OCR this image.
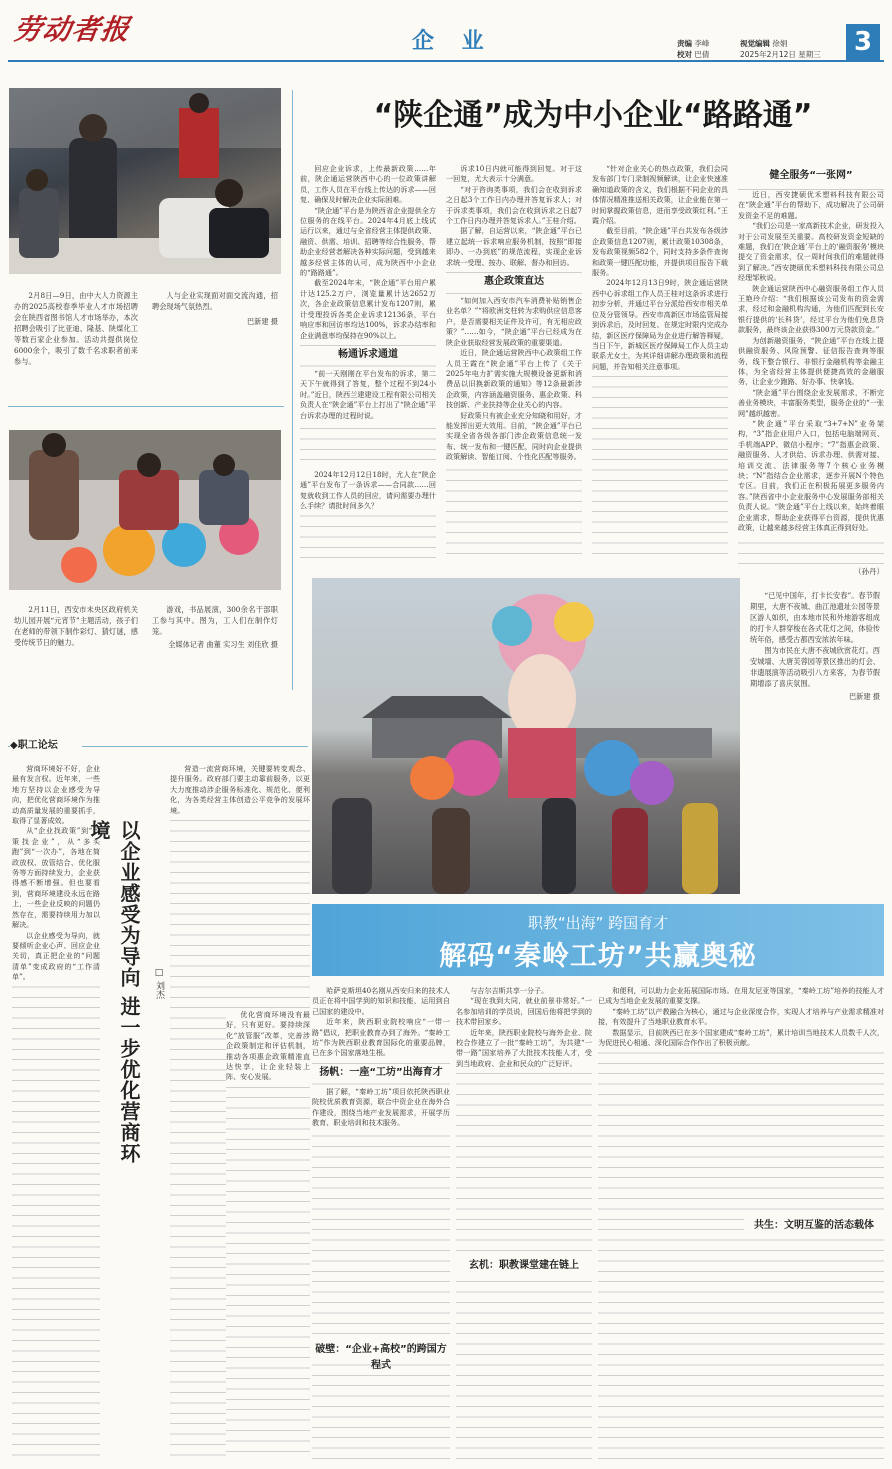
劳动者报	企 业	责编 李峰
校对 巴倩
视觉编辑 徐娟
2025年2月12日 星期三	3

2月8日—9日，由中大人力资源主办的2025高校春季毕业人才市场招聘会在陕西省图书馆人才市场举办，本次招聘会吸引了比亚迪、隆基、陕煤化工等数百家企业参加。活动共提供岗位6000余个，吸引了数千名求职者前来参与。

人与企业实现面对面交流沟通，招聘会现场气氛热烈。

巴新建 摄

2月11日，西安市未央区政府机关幼儿园开展“元宵节”主题活动，孩子们在老师的带领下制作彩灯、猜灯谜，感受传统节日的魅力。

游戏，书品展演，300余名干部职工参与其中。图为，工人们在制作灯笼。

全媒体记者 曲董 实习生 刘佳欣 摄
◆职工论坛

营商环境好不好，企业最有发言权。近年来，一些地方坚持以企业感受为导向，把优化营商环境作为推动高质量发展的重要抓手，取得了显著成效。

从“企业找政策”到“政策找企业”，从“多头跑”到“一次办”，各地在简政放权、放管结合、优化服务等方面持续发力，企业获得感不断增强。但也要看到，营商环境建设永远在路上，一些企业反映的问题仍然存在，需要持续用力加以解决。

以企业感受为导向，就要倾听企业心声、回应企业关切，真正把企业的“问题清单”变成政府的“工作清单”。	以企业感受为导向 进一步优化营商环境
□ 刘杰

营造一流营商环境，关键要转变观念、提升服务。政府部门要主动靠前服务，以更大力度推动涉企服务标准化、规范化、便利化，为各类经营主体创造公平竞争的发展环境。

优化营商环境没有最好，只有更好。要持续深化“放管服”改革，完善涉企政策制定和评估机制，推动各项惠企政策精准直达快享，让企业轻装上阵、安心发展。

“陕企通”成为中小企业“路路通”

回应企业诉求，上传最新政策……年前，陕企通运营陕西中心的一位政策讲解员，工作人员在平台线上传达的诉求——回复、确保及时解决企业实际困难。

“陕企通”平台是为陕西省企业提供全方位服务的在线平台。2024年4月底上线试运行以来，通过与全省经营主体提供政策、融资、供需、培训、招聘等综合性服务，帮助企业经营者解决各种实际问题，受到越来越多经营主体的认可，成为陕西中小企业的“路路通”。

截至2024年末，“陕企通”平台用户累计达125.2万户，浏览量累计达2652万次，各企业政策信息累计发布1207则，累计受理投诉各类企业诉求12136条，平台响应率和回访率均达100%，诉求办结率和企业满意率均保持在90%以上。

畅通诉求通道

“前一天刚刚在平台发布的诉求，第二天下午就得到了答复，整个过程不到24小时。”近日，陕西兰建建设工程有限公司相关负责人在“陕企通”平台上打出了“陕企通”平台诉求办理的过程时说。

2024年12月12日18时，尤人在“陕企通”平台发布了一条诉求——合同款……回复就收到工作人员的回应，请问需要办理什么手续？请批时间多久？

诉求10日内就可能得到回复。对于这一回复，尤大表示十分满意。

“对于咨询类事项，我们会在收到诉求之日起3个工作日内办理并答复诉求人；对于诉求类事项，我们会在收到诉求之日起7个工作日内办理并答复诉求人。”王桂介绍。

据了解，自运营以来，“陕企通”平台已建立起统一诉求响应服务机制，按照“即接即办、一办到底”的规范流程，实现企业诉求统一受理、按办、联解、督办和回访。

惠企政策直达

“如何加入西安市汽车消费补贴销售企业名单？”“将欧洲支柱转为求购供应信息客户，是否需要相关证件及许可，有无相应政策？”……如今，“陕企通”平台已经成为在陕企业获取经营发展政策的重要渠道。

近日，陕企通运营陕西中心政策组工作人员王霞在“陕企通”平台上传了《关于2025年电力扩需实施大规模设备更新和消费品以旧换新政策的通知》等12条最新涉企政策，内容涵盖融资服务、惠企政策、科技创新、产业扶持等企业关心的内容。

好政策只有被企业充分知晓和用好，才能发挥出更大效用。目前，“陕企通”平台已实现全省各级各部门涉企政策信息统一发布、统一发布和一键匹配，同时向企业提供政策解读、智能订阅、个性化匹配等服务。

“针对企业关心的热点政策，我们会同发布部门专门录制视频解读，让企业快速准确知道政策的含义，我们根据不同企业的具体情况精准推送相关政策，让企业能在第一时间掌握政策信息，进而享受政策红利。”王霞介绍。

截至目前，“陕企通”平台共发布各级涉企政策信息1207则，累计政策10308条，发布政策视频582个，同时支持多条件查询和政策一键匹配功能，并提供项目报告下载服务。

2024年12月13日9时，陕企通运营陕西中心诉求组工作人员王桂对这条诉求进行初步分析，并通过平台分派给西安市相关单位及分管领导。西安市高新区市场监管局接到诉求后，及时回复、在规定时限内完成办结，新区医疗保障局为企业进行解答释疑，当日下午，新城区医疗保障局工作人员主动联系尤女士，为其详细讲解办理政策和流程问题，并告知相关注意事项。

健全服务“一张网”

近日，西安捷硕优禾塑料科技有限公司在“陕企通”平台的帮助下，成功解决了公司研发资金不足的难题。

“我们公司是一家高新技术企业，研发投入对于公司发展至关重要。高校研发资金短缺的难题，我们在‘陕企通’平台上的‘融资服务’模块提交了资金需求，仅一周时间我们的难题就得到了解决。”西安捷硕优禾塑料科技有限公司总经理邹秋说。

陕企通运营陕西中心融资服务组工作人员王艳玲介绍：“我们根据该公司发布的资金需求，经过和金融机构沟通，为他们匹配到长安银行提供的‘长科贷’，经过平台为他们免息贷款服务，最终该企业获得300万元贷款资金。”

为创新融资服务，“陕企通”平台在线上提供融资服务、风险预警、征信报告查询等服务，线下整合银行、非银行金融机构等金融主体，为全省经营主体提供便捷高效的金融服务，让企业少跑路、好办事、快拿钱。

“陕企通”平台围绕企业发展需求，不断完善业务模块，丰富服务类型，服务企业的“一张网”越织越密。

“陕企通”平台采取“3+7+N”业务架构，“3”指企业用户入口，包括电脑端网页、手机端APP、微信小程序；“7”指惠企政策、融资服务、人才供给、诉求办理、供需对接、培训交流、法律服务等7个核心业务模块；“N”指结合企业需求，逐步开展N个特色专区。目前，我们正在积极拓展更多服务内容。”陕西省中小企业服务中心发展服务部相关负责人说。“陕企通”平台上线以来，始终着眼企业需求，帮助企业获得平台资源，提供优惠政策，让越来越多经营主体真正得到好处。

（孙丹）

“已见中国年，打卡长安春”。春节假期里，大唐不夜城、曲江池遗址公园等景区游人如织，由本地市民和外地游客组成的打卡人群穿梭在各式花灯之间，体验传统年俗，感受古都西安浓浓年味。

图为市民在大唐不夜城欣赏花灯。西安城墙、大唐芙蓉园等景区推出的灯会、非遗展演等活动吸引八方来客，为春节假期增添了喜庆氛围。

巴新建 摄
职教“出海” 跨国育才
解码“秦岭工坊”共赢奥秘

哈萨克斯坦40名刚从西安归来的技术人员正在将中国学到的知识和技能，运用到自己国家的建设中。

近年来，陕西职业院校响应“一带一路”倡议，把职业教育办到了海外。“秦岭工坊”作为陕西职业教育国际化的重要品牌，已在多个国家落地生根。

扬帆：一座“工坊”出海育才

据了解，“秦岭工坊”项目依托陕西职业院校优质教育资源，联合中资企业在海外合作建设，围绕当地产业发展需求，开展学历教育、职业培训和技术服务。

破壁：“企业+高校”的跨国方程式

与吉尔吉斯共享一分子。

“现在我到大同，就业前景非常好。”一名参加培训的学员说，回国后他将把学到的技术带回家乡。

近年来，陕西职业院校与海外企业、院校合作建立了一批“秦岭工坊”，为共建“一带一路”国家培养了大批技术技能人才，受到当地政府、企业和民众的广泛好评。

玄机：职教课堂建在链上

和便利，可以助力企业拓展国际市场。在用友尼亚等国家，“秦岭工坊”培养的技能人才已成为当地企业发展的重要支撑。

“秦岭工坊”以产教融合为核心，通过与企业深度合作，实现人才培养与产业需求精准对接，有效提升了当地职业教育水平。

数据显示，目前陕西已在多个国家建成“秦岭工坊”，累计培训当地技术人员数千人次，为促进民心相通、深化国际合作作出了积极贡献。

共生：文明互鉴的活态载体
